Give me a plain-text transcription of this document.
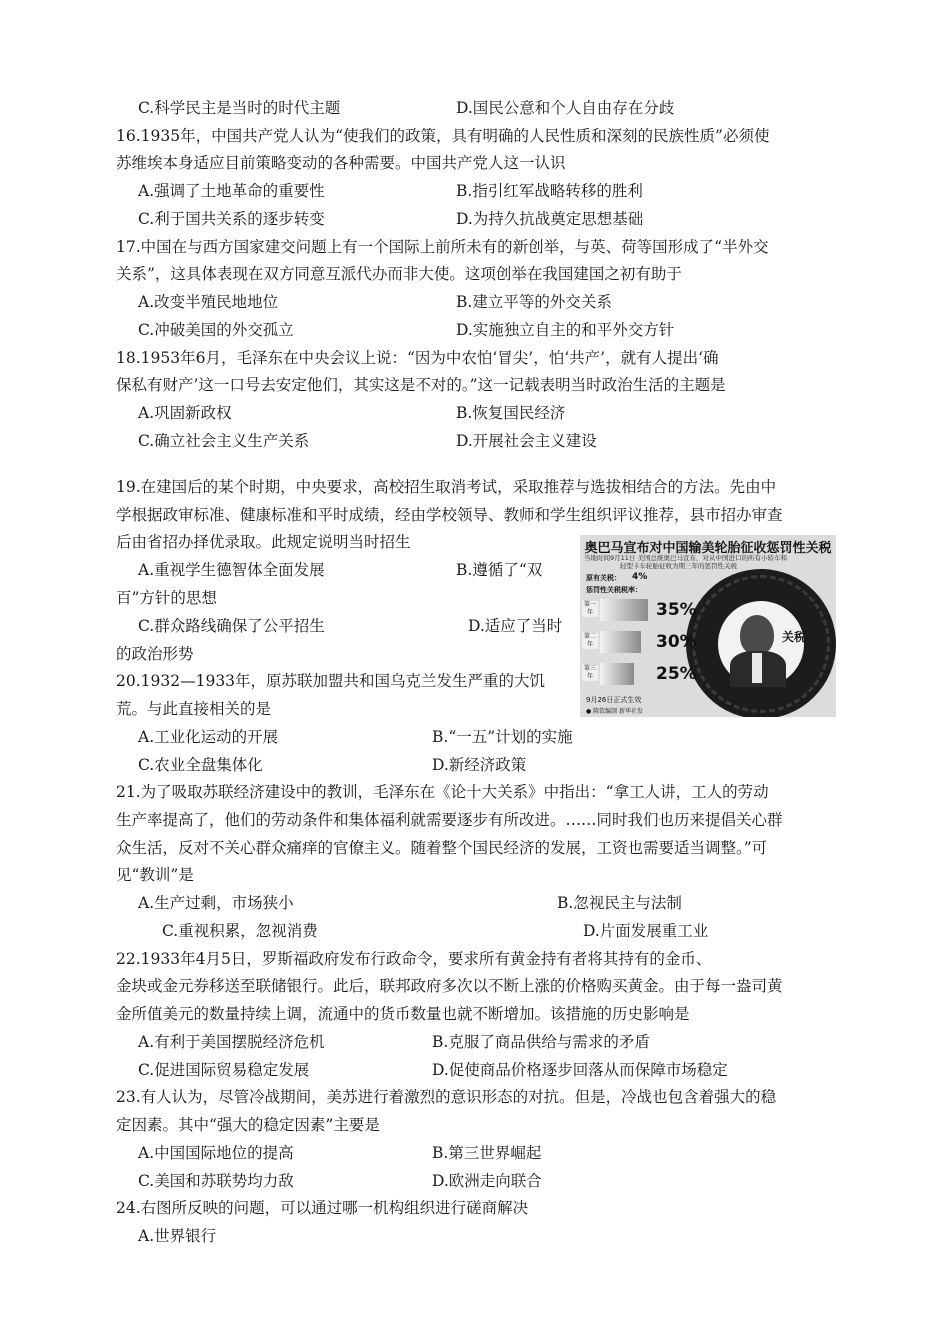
C.科学民主是当时的时代主题	D.国民公意和个人自由存在分歧
16.1935年，中国共产党人认为“使我们的政策，具有明确的人民性质和深刻的民族性质”必须使
苏维埃本身适应目前策略变动的各种需要。中国共产党人这一认识
A.强调了土地革命的重要性	B.指引红军战略转移的胜利
C.利于国共关系的逐步转变	D.为持久抗战奠定思想基础
17.中国在与西方国家建交问题上有一个国际上前所未有的新创举，与英、荷等国形成了“半外交
关系”，这具体表现在双方同意互派代办而非大使。这项创举在我国建国之初有助于
A.改变半殖民地地位	B.建立平等的外交关系
C.冲破美国的外交孤立	D.实施独立自主的和平外交方针
18.1953年6月，毛泽东在中央会议上说：“因为中农怕‘冒尖’，怕‘共产’，就有人提出‘确
保私有财产’这一口号去安定他们，其实这是不对的。”这一记载表明当时政治生活的主题是
A.巩固新政权	B.恢复国民经济
C.确立社会主义生产关系	D.开展社会主义建设
19.在建国后的某个时期，中央要求，高校招生取消考试，采取推荐与选拔相结合的方法。先由中
学根据政审标准、健康标准和平时成绩，经由学校领导、教师和学生组织评议推荐，县市招办审查
后由省招办择优录取。此规定说明当时招生
A.重视学生德智体全面发展	B.遵循了“双
百”方针的思想
C.群众路线确保了公平招生	D.适应了当时
的政治形势
20.1932—1933年，原苏联加盟共和国乌克兰发生严重的大饥
荒。与此直接相关的是
A.工业化运动的开展	B.“一五”计划的实施
C.农业全盘集体化	D.新经济政策
21.为了吸取苏联经济建设中的教训，毛泽东在《论十大关系》中指出：“拿工人讲，工人的劳动
生产率提高了，他们的劳动条件和集体福利就需要逐步有所改进。……同时我们也历来提倡关心群
众生活，反对不关心群众痛痒的官僚主义。随着整个国民经济的发展，工资也需要适当调整。”可
见“教训”是
A.生产过剩，市场狭小	B.忽视民主与法制
C.重视积累，忽视消费	D.片面发展重工业
22.1933年4月5日，罗斯福政府发布行政命令，要求所有黄金持有者将其持有的金币、
金块或金元券移送至联储银行。此后，联邦政府多次以不断上涨的价格购买黄金。由于每一盎司黄
金所值美元的数量持续上调，流通中的货币数量也就不断增加。该措施的历史影响是
A.有利于美国摆脱经济危机	B.克服了商品供给与需求的矛盾
C.促进国际贸易稳定发展	D.促使商品价格逐步回落从而保障市场稳定
23.有人认为，尽管冷战期间，美苏进行着激烈的意识形态的对抗。但是，冷战也包含着强大的稳
定因素。其中“强大的稳定因素”主要是
A.中国国际地位的提高	B.第三世界崛起
C.美国和苏联势均力敌	D.欧洲走向联合
24.右图所反映的问题，可以通过哪一机构组织进行磋商解决
A.世界银行
奥巴马宣布对中国输美轮胎征收惩罚性关税
当地时间9月11日 美国总统奥巴马宣布，对从中国进口的所有小轿车和
轻型卡车轮胎征收为期三年的惩罚性关税
原有关税： 4%
惩罚性关税税率：
关税
第一年	35%
第二年	30%
第三年	25%
9月26日正式生效
● 陈钦编制 新华社发
